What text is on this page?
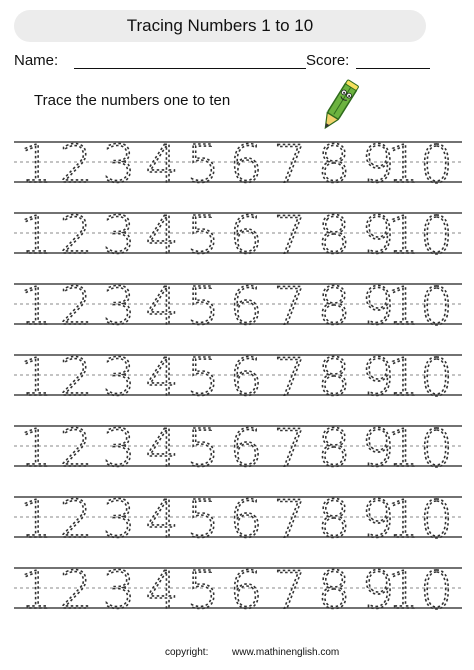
Tracing Numbers 1 to 10
Name:	Score:
Trace the numbers one to ten
1 2 3 4 5 6 7 8 9
10
1 2 3 4 5 6 7 8 9
10
1 2 3 4 5 6 7 8 9
10
1 2 3 4 5 6 7 8 9
10
1 2 3 4 5 6 7 8 9
10
1 2 3 4 5 6 7 8 9
10
1 2 3 4 5 6 7 8 9
10
copyright: www.mathinenglish.com
